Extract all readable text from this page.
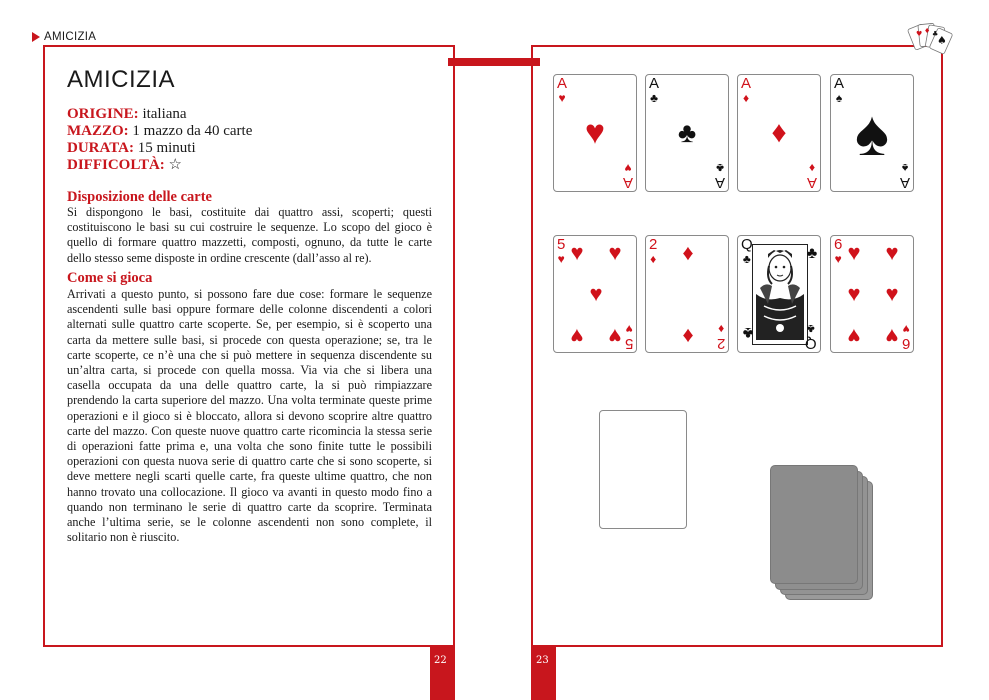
AMICIZIA
22	23
♥ ♦ ♣
♠
AMICIZIA
ORIGINE: italiana
MAZZO: 1 mazzo da 40 carte
DURATA: 15 minuti
DIFFICOLTÀ: ☆
Disposizione delle carte
Si dispongono le basi, costituite dai quattro assi, scoperti; questi costituiscono le basi su cui costruire le sequenze. Lo scopo del gioco è quello di formare quattro mazzetti, composti, ognuno, da tutte le carte dello stesso seme disposte in ordine crescente (dall’asso al re).
Come si gioca
Arrivati a questo punto, si possono fare due cose: formare le sequenze ascendenti sulle basi oppure formare delle colonne discendenti a colori alternati sulle quattro carte scoperte. Se, per esempio, si è scoperto una carta da mettere sulle basi, si procede con questa operazione; se, tra le carte scoperte, ce n’è una che si può mettere in sequenza discendente su un’altra carta, si procede con quella mossa. Via via che si libera una casella occupata da una delle quattro carte, la si può rimpiazzare prendendo la carta superiore del mazzo. Una volta terminate queste prime operazioni e il gioco si è bloccato, allora si devono scoprire altre quattro carte del mazzo. Con queste nuove quattro carte ricomincia la stessa serie di operazioni fatte prima e, una volta che sono finite tutte le possibili operazioni con questa nuova serie di quattro carte che si sono scoperte, si deve mettere negli scarti quelle carte, fra queste ultime quattro, che non hanno trovato una collocazione. Il gioco va avanti in questo modo fino a quando non terminano le serie di quattro carte da scoprire. Terminata anche l’ultima serie, se le colonne ascendenti non sono complete, il solitario non è riuscito.
A
♥
♥
A
♥
A
♣
♣
A
♣
A
♦
♦
A
♦
A
♠ ♠
A
♠
5
♥ ♥ ♥
♥
♥ ♥ 5
♥
2
♦ ♦
♦ 2
♦
Q
♣	♣
♣
Q
♣
6
♥ ♥ ♥
♥ ♥
♥ ♥ 6
♥
